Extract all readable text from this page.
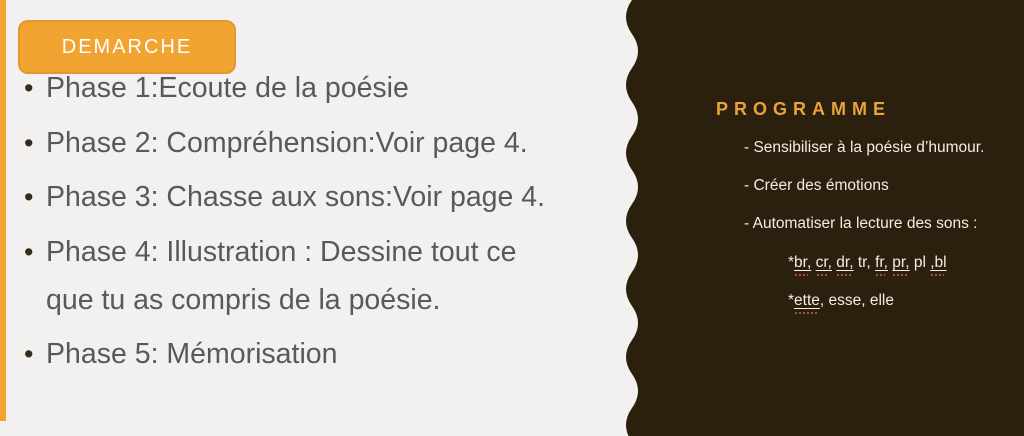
DEMARCHE
• Phase 1:Ecoute de la poésie
• Phase 2: Compréhension:Voir page 4.
• Phase 3: Chasse aux sons:Voir page 4.
• Phase 4: Illustration : Dessine tout ce
que tu as compris de la poésie.
• Phase 5: Mémorisation
PROGRAMME
- Sensibiliser à la poésie d’humour.
- Créer des émotions
- Automatiser la lecture des sons :
*br, cr, dr, tr, fr, pr, pl ,bl
*ette, esse, elle
